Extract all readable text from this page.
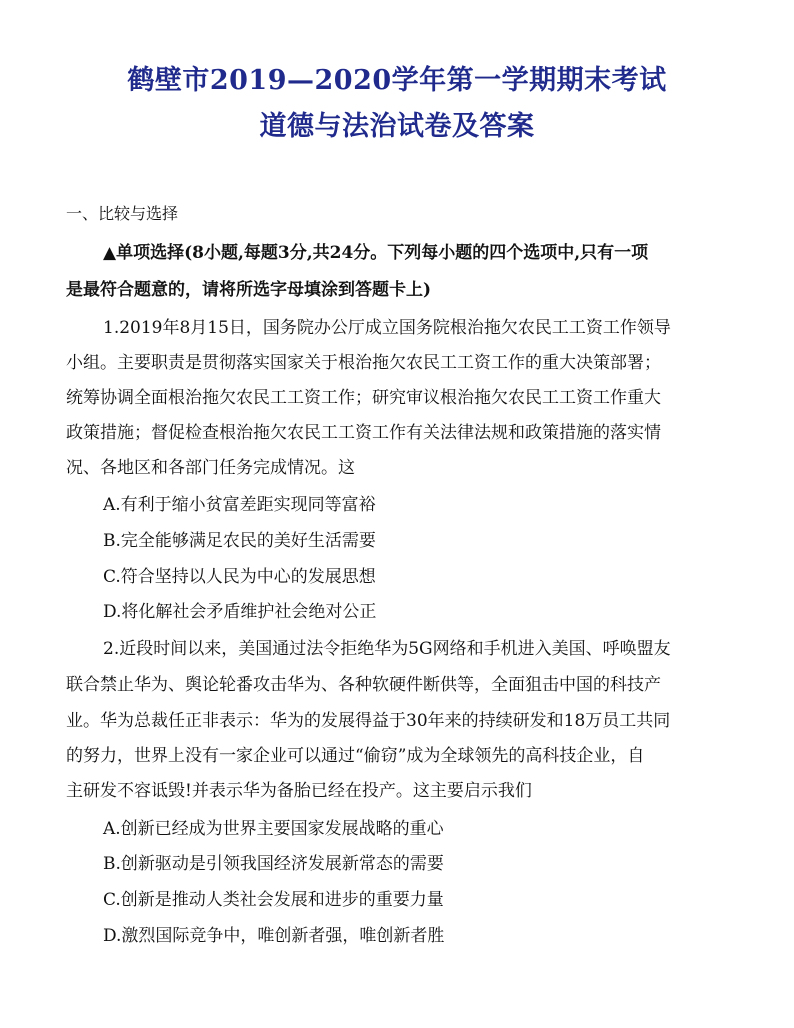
鹤壁市2019—2020学年第一学期期末考试
道德与法治试卷及答案
一、比较与选择
▲单项选择(8小题,每题3分,共24分。下列每小题的四个选项中,只有一项
是最符合题意的，请将所选字母填涂到答题卡上)
1.2019年8月15日，国务院办公厅成立国务院根治拖欠农民工工资工作领导
小组。主要职责是贯彻落实国家关于根治拖欠农民工工资工作的重大决策部署；
统筹协调全面根治拖欠农民工工资工作；研究审议根治拖欠农民工工资工作重大
政策措施；督促检查根治拖欠农民工工资工作有关法律法规和政策措施的落实情
况、各地区和各部门任务完成情况。这
A.有利于缩小贫富差距实现同等富裕
B.完全能够满足农民的美好生活需要
C.符合坚持以人民为中心的发展思想
D.将化解社会矛盾维护社会绝对公正
2.近段时间以来，美国通过法令拒绝华为5G网络和手机进入美国、呼唤盟友
联合禁止华为、舆论轮番攻击华为、各种软硬件断供等，全面狙击中国的科技产
业。华为总裁任正非表示：华为的发展得益于30年来的持续研发和18万员工共同
的努力，世界上没有一家企业可以通过“偷窃”成为全球领先的高科技企业，自
主研发不容诋毁!并表示华为备胎已经在投产。这主要启示我们
A.创新已经成为世界主要国家发展战略的重心
B.创新驱动是引领我国经济发展新常态的需要
C.创新是推动人类社会发展和进步的重要力量
D.激烈国际竞争中，唯创新者强，唯创新者胜
